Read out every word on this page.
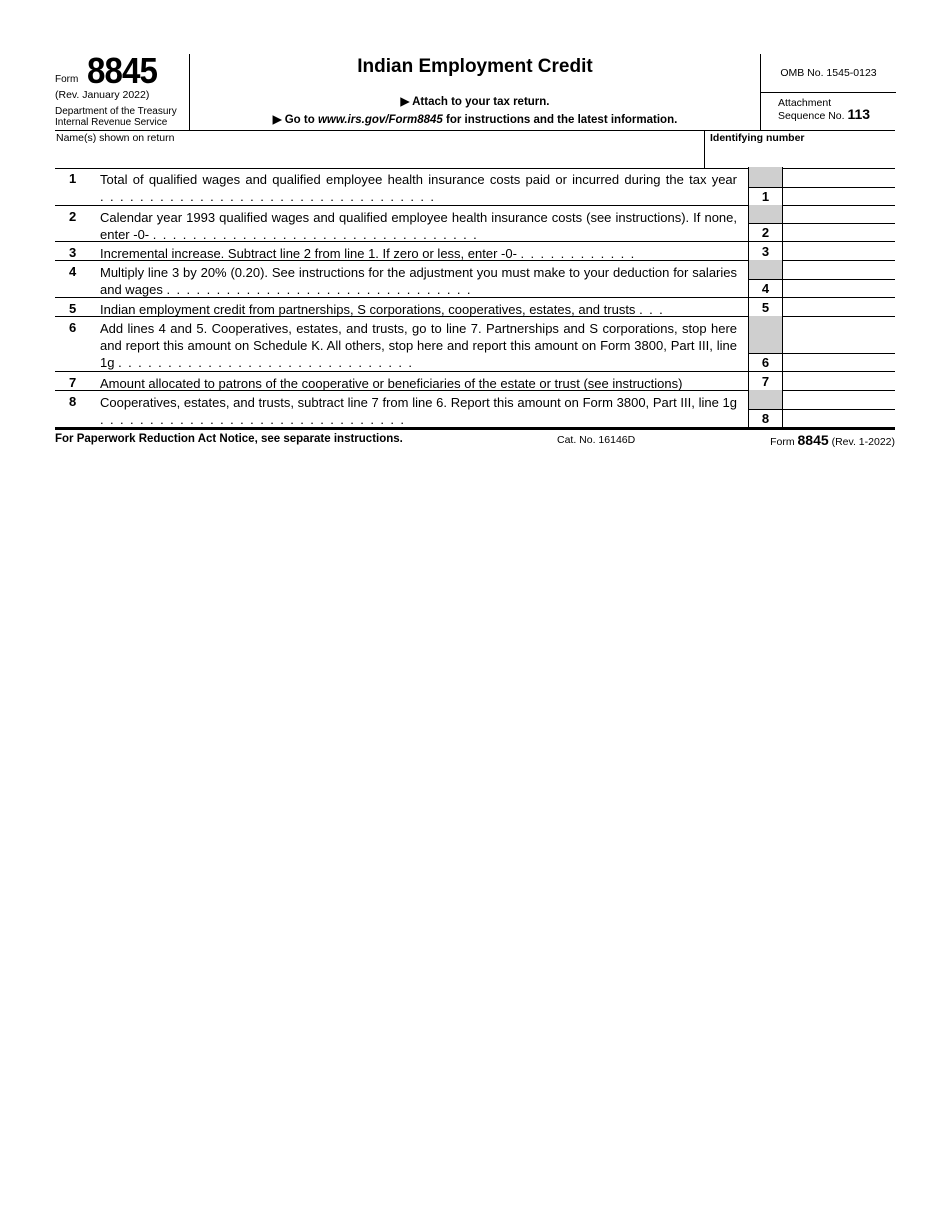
Form 8845
(Rev. January 2022)
Department of the Treasury
Internal Revenue Service
Indian Employment Credit
▶ Attach to your tax return.
▶ Go to www.irs.gov/Form8845 for instructions and the latest information.
OMB No. 1545-0123
Attachment
Sequence No. 113
Name(s) shown on return	Identifying number
1 Total of qualified wages and qualified employee health insurance costs paid or incurred during the tax year ..................................	1
2 Calendar year 1993 qualified wages and qualified employee health insurance costs (see instructions). If none, enter -0- .................................	2
3 Incremental increase. Subtract line 2 from line 1. If zero or less, enter -0- ............	3
4 Multiply line 3 by 20% (0.20). See instructions for the adjustment you must make to your deduction for salaries and wages ...............................	4
5 Indian employment credit from partnerships, S corporations, cooperatives, estates, and trusts ...	5
6 Add lines 4 and 5. Cooperatives, estates, and trusts, go to line 7. Partnerships and S corporations, stop here and report this amount on Schedule K. All others, stop here and report this amount on Form 3800, Part III, line 1g ..............................	6
7 Amount allocated to patrons of the cooperative or beneficiaries of the estate or trust (see instructions)	7
8 Cooperatives, estates, and trusts, subtract line 7 from line 6. Report this amount on Form 3800, Part III, line 1g ...............................	8
For Paperwork Reduction Act Notice, see separate instructions.	Cat. No. 16146D	Form 8845 (Rev. 1-2022)
